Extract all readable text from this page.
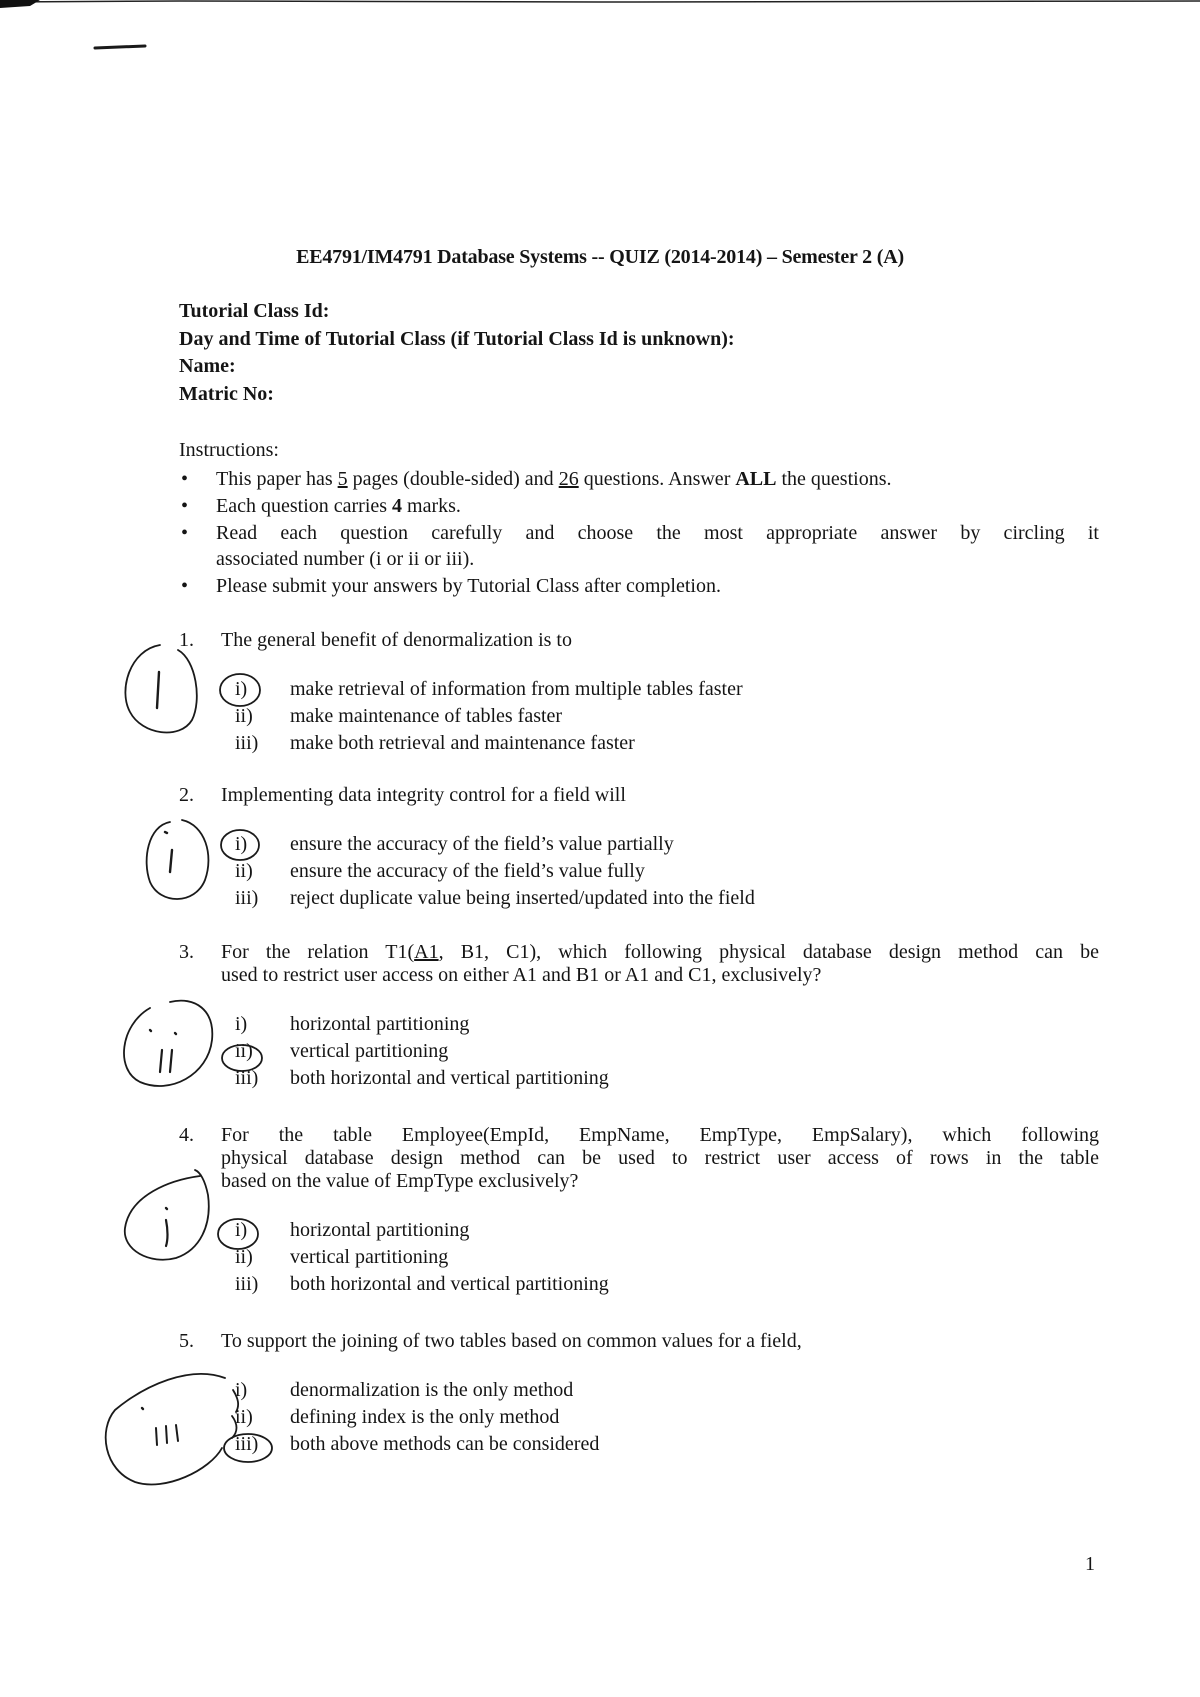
EE4791/IM4791 Database Systems -- QUIZ (2014-2014) – Semester 2 (A)
Tutorial Class Id:
Day and Time of Tutorial Class (if Tutorial Class Id is unknown):
Name:
Matric No:
Instructions:
• This paper has 5 pages (double-sided) and 26 questions. Answer ALL the questions.
• Each question carries 4 marks.
• Read each question carefully and choose the most appropriate answer by circling it
associated number (i or ii or iii).
• Please submit your answers by Tutorial Class after completion.
1. The general benefit of denormalization is to
i)	make retrieval of information from multiple tables faster
ii)	make maintenance of tables faster
iii)	make both retrieval and maintenance faster
2. Implementing data integrity control for a field will
i)	ensure the accuracy of the field’s value partially
ii)	ensure the accuracy of the field’s value fully
iii)	reject duplicate value being inserted/updated into the field
3. For the relation T1(A1, B1, C1), which following physical database design method can be
used to restrict user access on either A1 and B1 or A1 and C1, exclusively?
i)	horizontal partitioning
ii)	vertical partitioning
iii)	both horizontal and vertical partitioning
4. For the table Employee(EmpId, EmpName, EmpType, EmpSalary), which following
physical database design method can be used to restrict user access of rows in the table
based on the value of EmpType exclusively?
i)	horizontal partitioning
ii)	vertical partitioning
iii)	both horizontal and vertical partitioning
5. To support the joining of two tables based on common values for a field,
i)	denormalization is the only method
ii)	defining index is the only method
iii)	both above methods can be considered
1
